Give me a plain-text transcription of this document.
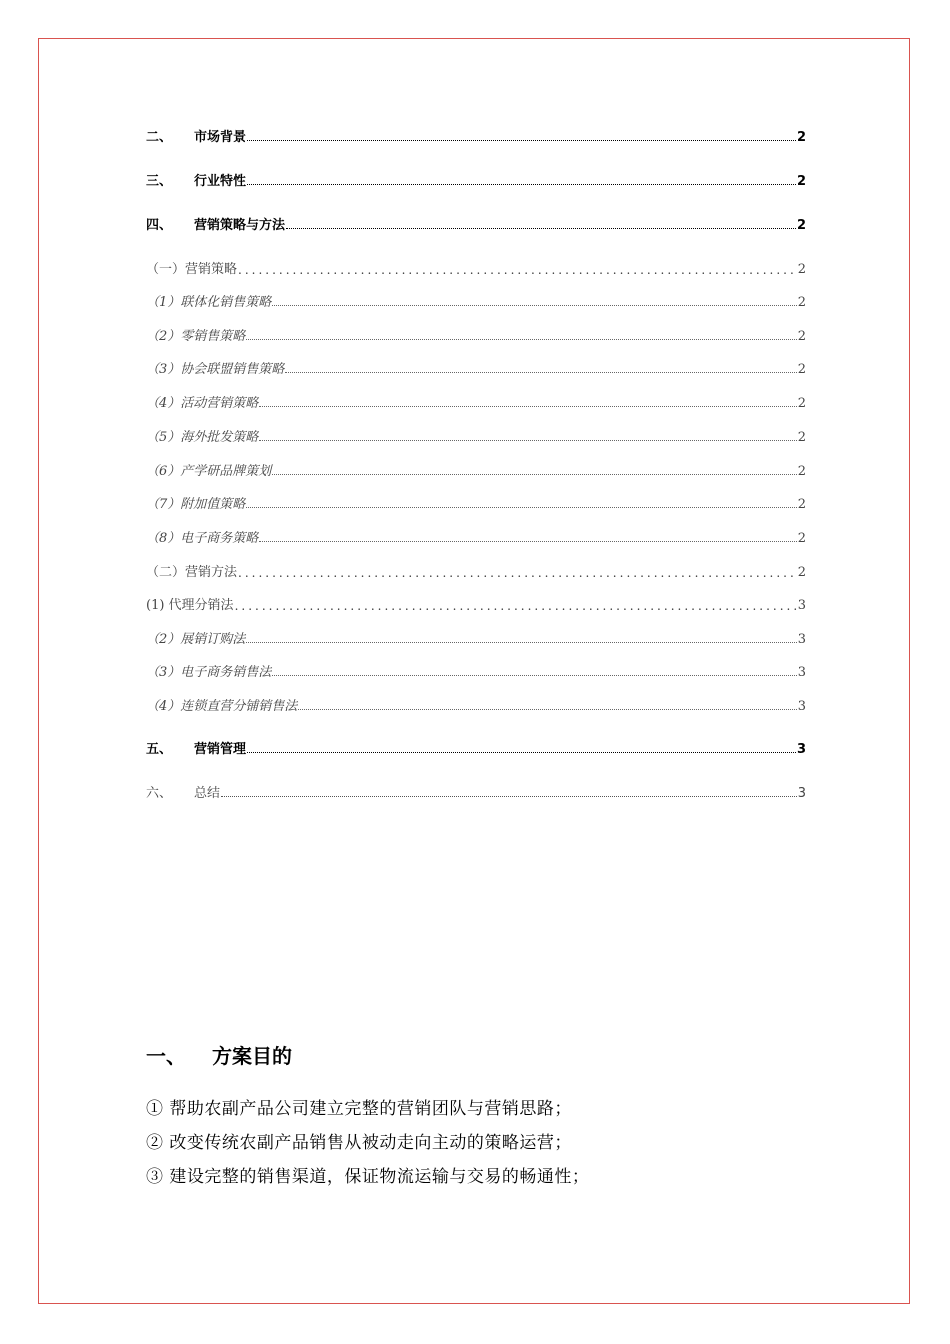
二、	市场背景	2
三、	行业特性	2
四、	营销策略与方法	2
（一）营销策略 .....	2
（1）联体化销售策略	2
（2）零销售策略	2
（3）协会联盟销售策略	2
（4）活动营销策略	2
（5）海外批发策略	2
（6）产学研品牌策划	2
（7）附加值策略	2
（8）电子商务策略	2
（二）营销方法 .....	2
(1) 代理分销法 .....	3
（2）展销订购法	3
（3）电子商务销售法	3
（4）连锁直营分铺销售法	3
五、	营销管理	3
六、	总结	3
一、 方案目的
① 帮助农副产品公司建立完整的营销团队与营销思路；
② 改变传统农副产品销售从被动走向主动的策略运营；
③ 建设完整的销售渠道，保证物流运输与交易的畅通性；
